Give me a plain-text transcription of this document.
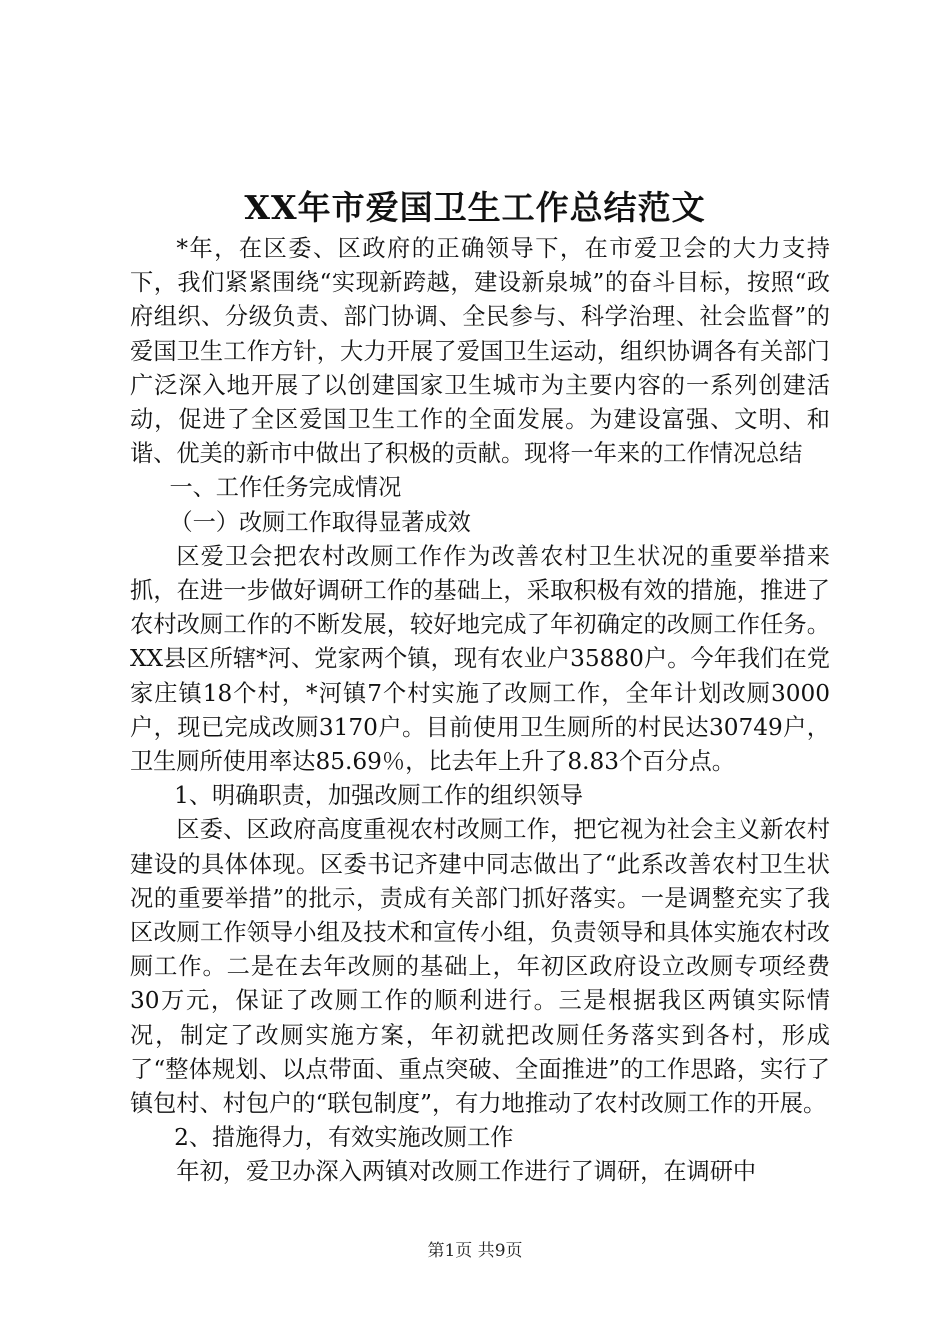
XX年市爱国卫生工作总结范文

*年，在区委、区政府的正确领导下，在市爱卫会的大力支持下，我们紧紧围绕“实现新跨越，建设新泉城”的奋斗目标，按照“政府组织、分级负责、部门协调、全民参与、科学治理、社会监督”的爱国卫生工作方针，大力开展了爱国卫生运动，组织协调各有关部门广泛深入地开展了以创建国家卫生城市为主要内容的一系列创建活动，促进了全区爱国卫生工作的全面发展。为建设富强、文明、和谐、优美的新市中做出了积极的贡献。现将一年来的工作情况总结

一、工作任务完成情况

（一）改厕工作取得显著成效

区爱卫会把农村改厕工作作为改善农村卫生状况的重要举措来抓，在进一步做好调研工作的基础上，采取积极有效的措施，推进了农村改厕工作的不断发展，较好地完成了年初确定的改厕工作任务。XX县区所辖*河、党家两个镇，现有农业户35880户。今年我们在党家庄镇18个村，*河镇7个村实施了改厕工作，全年计划改厕3000户，现已完成改厕3170户。目前使用卫生厕所的村民达30749户，卫生厕所使用率达85.69％，比去年上升了8.83个百分点。

1、明确职责，加强改厕工作的组织领导

区委、区政府高度重视农村改厕工作，把它视为社会主义新农村建设的具体体现。区委书记齐建中同志做出了“此系改善农村卫生状况的重要举措”的批示，责成有关部门抓好落实。一是调整充实了我区改厕工作领导小组及技术和宣传小组，负责领导和具体实施农村改厕工作。二是在去年改厕的基础上，年初区政府设立改厕专项经费30万元，保证了改厕工作的顺利进行。三是根据我区两镇实际情况，制定了改厕实施方案，年初就把改厕任务落实到各村，形成了“整体规划、以点带面、重点突破、全面推进”的工作思路，实行了镇包村、村包户的“联包制度”，有力地推动了农村改厕工作的开展。

2、措施得力，有效实施改厕工作

年初，爱卫办深入两镇对改厕工作进行了调研，在调研中

第1页 共9页
